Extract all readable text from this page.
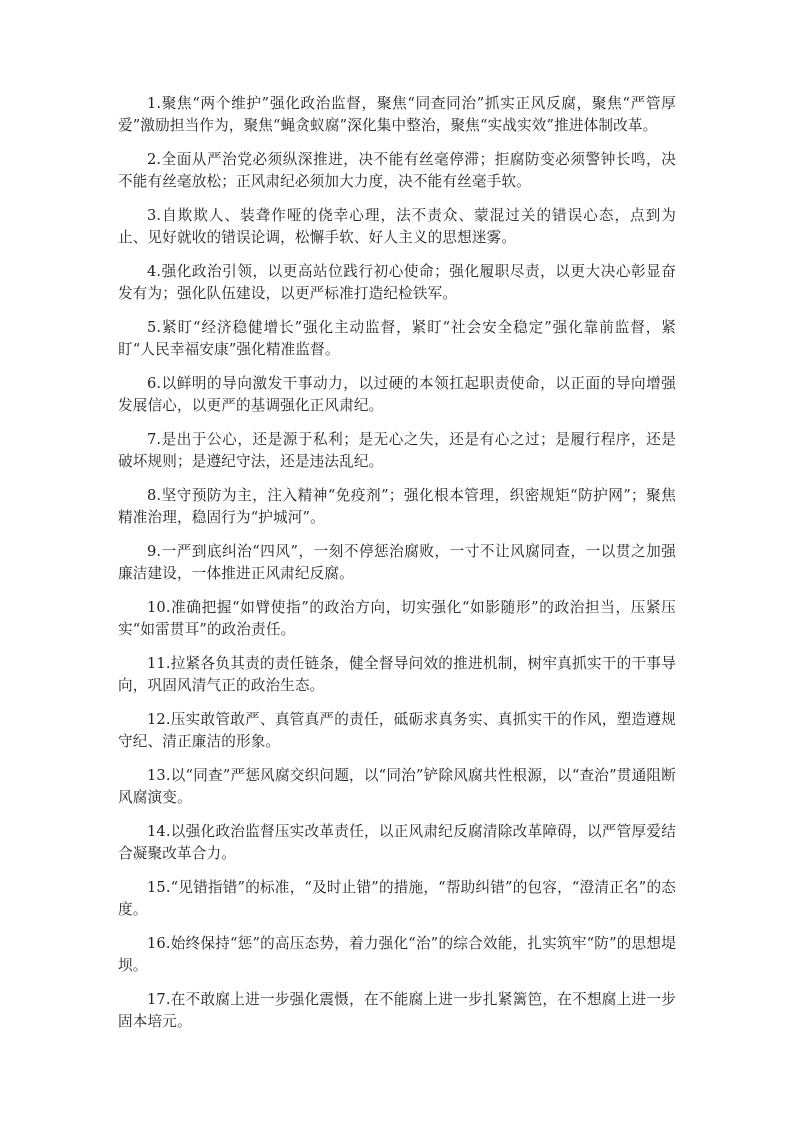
1.聚焦“两个维护”强化政治监督，聚焦“同查同治”抓实正风反腐，聚焦“严管厚爱”激励担当作为，聚焦“蝇贪蚁腐”深化集中整治，聚焦“实战实效”推进体制改革。

2.全面从严治党必须纵深推进，决不能有丝毫停滞；拒腐防变必须警钟长鸣，决不能有丝毫放松；正风肃纪必须加大力度，决不能有丝毫手软。

3.自欺欺人、装聋作哑的侥幸心理，法不责众、蒙混过关的错误心态，点到为止、见好就收的错误论调，松懈手软、好人主义的思想迷雾。

4.强化政治引领，以更高站位践行初心使命；强化履职尽责，以更大决心彰显奋发有为；强化队伍建设，以更严标准打造纪检铁军。

5.紧盯“经济稳健增长”强化主动监督，紧盯“社会安全稳定”强化靠前监督，紧盯“人民幸福安康”强化精准监督。

6.以鲜明的导向激发干事动力，以过硬的本领扛起职责使命，以正面的导向增强发展信心，以更严的基调强化正风肃纪。

7.是出于公心，还是源于私利；是无心之失，还是有心之过；是履行程序，还是破坏规则；是遵纪守法，还是违法乱纪。

8.坚守预防为主，注入精神“免疫剂”；强化根本管理，织密规矩“防护网”；聚焦精准治理，稳固行为“护城河”。

9.一严到底纠治“四风”，一刻不停惩治腐败，一寸不让风腐同查，一以贯之加强廉洁建设，一体推进正风肃纪反腐。

10.准确把握“如臂使指”的政治方向，切实强化“如影随形”的政治担当，压紧压实“如雷贯耳”的政治责任。

11.拉紧各负其责的责任链条，健全督导问效的推进机制，树牢真抓实干的干事导向，巩固风清气正的政治生态。

12.压实敢管敢严、真管真严的责任，砥砺求真务实、真抓实干的作风，塑造遵规守纪、清正廉洁的形象。

13.以“同查”严惩风腐交织问题，以“同治”铲除风腐共性根源，以“查治”贯通阻断风腐演变。

14.以强化政治监督压实改革责任，以正风肃纪反腐清除改革障碍，以严管厚爱结合凝聚改革合力。

15.“见错指错”的标准，“及时止错”的措施，“帮助纠错”的包容，“澄清正名”的态度。

16.始终保持“惩”的高压态势，着力强化“治”的综合效能，扎实筑牢“防”的思想堤坝。

17.在不敢腐上进一步强化震慑，在不能腐上进一步扎紧篱笆，在不想腐上进一步固本培元。
